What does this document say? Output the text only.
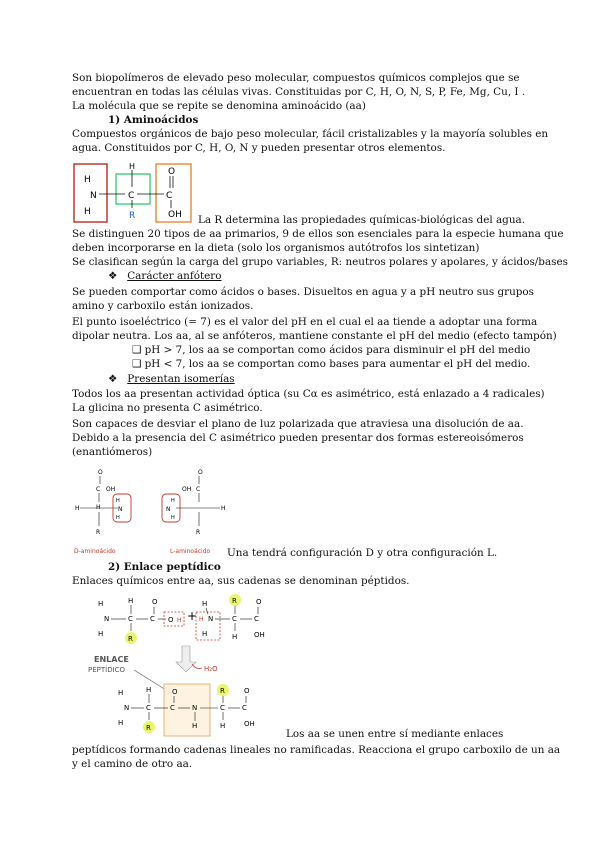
Son biopolímeros de elevado peso molecular, compuestos químicos complejos que se
encuentran en todas las células vivas. Constituidas por C, H, O, N, S, P, Fe, Mg, Cu, I .
La molécula que se repite se denomina aminoácido (aa)
1) Aminoácidos
Compuestos orgánicos de bajo peso molecular, fácil cristalizables y la mayoría solubles en
agua. Constituidos por C, H, O, N y pueden presentar otros elementos.
H
N
H
C
H
R
C
O
OH La R determina las propiedades químicas-biológicas del agua.
Se distinguen 20 tipos de aa primarios, 9 de ellos son esenciales para la especie humana que
deben incorporarse en la dieta (solo los organismos autótrofos los sintetizan)
Se clasifican según la carga del grupo variables, R: neutros polares y apolares, y ácidos/bases
❖   Carácter anfótero
Se pueden comportar como ácidos o bases. Disueltos en agua y a pH neutro sus grupos
amino y carboxilo están ionizados.
El punto isoeléctrico (= 7) es el valor del pH en el cual el aa tiende a adoptar una forma
dipolar neutra. Los aa, al se anfóteros, mantiene constante el pH del medio (efecto tampón)
❑ pH > 7, los aa se comportan como ácidos para disminuir el pH del medio
❑ pH < 7, los aa se comportan como bases para aumentar el pH del medio.
❖   Presentan isomerías
Todos los aa presentan actividad óptica (su Cα es asimétrico, está enlazado a 4 radicales)
La glicina no presenta C asimétrico.
Son capaces de desviar el plano de luz polarizada que atraviesa una disolución de aa.
Debido a la presencia del C asimétrico pueden presentar dos formas estereoisómeros
(enantiómeros)
O
C OH
H
H
H
N
H
R
O
C
OH
H
N
H
H
R
D-aminoácido	L-aminoácido Una tendrá configuración D y otra configuración L.
2) Enlace peptídico
Enlaces químicos entre aa, sus cadenas se denominan péptidos.
H
N
H
C
H
R
C
O
O H +
H
H N
H
C
R
H
C
O
OH
H₂O
ENLACE
PEPTÍDICO
H
N
H
C
H
R
C
O
N
H
C
R
H
C
O
OH
Los aa se unen entre sí mediante enlaces
peptídicos formando cadenas lineales no ramificadas. Reacciona el grupo carboxilo de un aa
y el camino de otro aa.
